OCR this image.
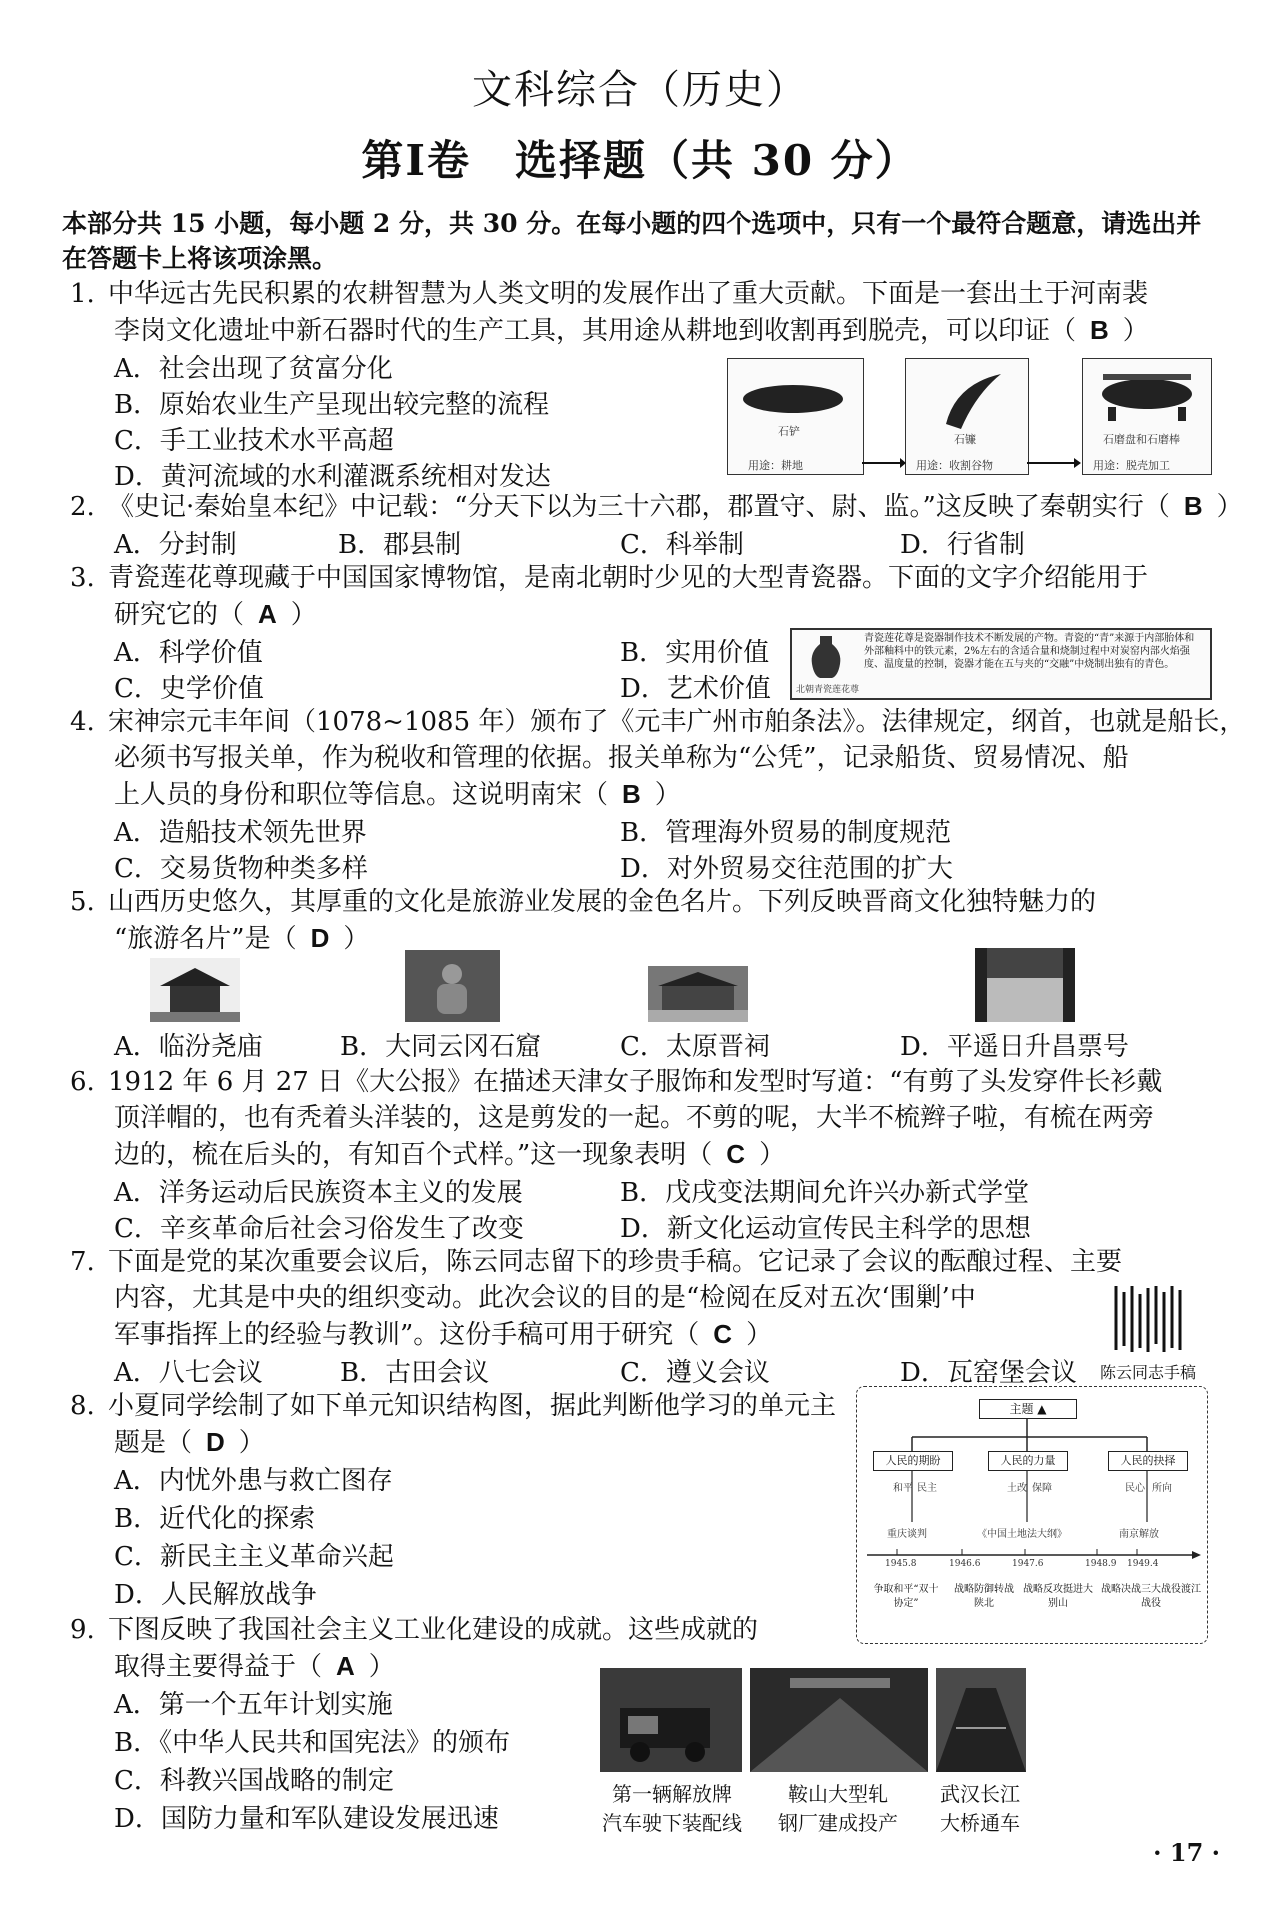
文科综合（历史）
第Ⅰ卷　选择题（共 30 分）
本部分共 15 小题，每小题 2 分，共 30 分。在每小题的四个选项中，只有一个最符合题意，请选出并在答题卡上将该项涂黑。
1. 中华远古先民积累的农耕智慧为人类文明的发展作出了重大贡献。下面是一套出土于河南裴
李岗文化遗址中新石器时代的生产工具，其用途从耕地到收割再到脱壳，可以印证（ B ）
A．社会出现了贫富分化
B．原始农业生产呈现出较完整的流程
C．手工业技术水平高超
D．黄河流域的水利灌溉系统相对发达
石铲
用途：耕地
石镰
用途：收割谷物
石磨盘和石磨棒
用途：脱壳加工
2. 《史记·秦始皇本纪》中记载：“分天下以为三十六郡，郡置守、尉、监。”这反映了秦朝实行（ B ）
A．分封制	B．郡县制	C．科举制	D．行省制
3. 青瓷莲花尊现藏于中国国家博物馆，是南北朝时少见的大型青瓷器。下面的文字介绍能用于
研究它的（ A ）
A．科学价值	B．实用价值
C．史学价值	D．艺术价值	北朝青瓷莲花尊
青瓷莲花尊是瓷器制作技术不断发展的产物。青瓷的“青”来源于内部胎体和外部釉料中的铁元素，2%左右的含适合量和烧制过程中对炭窑内部火焰强度、温度量的控制，瓷器才能在五与夹的“交融”中烧制出独有的青色。
4. 宋神宗元丰年间（1078~1085 年）颁布了《元丰广州市舶条法》。法律规定，纲首，也就是船长，
必须书写报关单，作为税收和管理的依据。报关单称为“公凭”，记录船货、贸易情况、船
上人员的身份和职位等信息。这说明南宋（ B ）
A．造船技术领先世界	B．管理海外贸易的制度规范
C．交易货物种类多样	D．对外贸易交往范围的扩大
5. 山西历史悠久，其厚重的文化是旅游业发展的金色名片。下列反映晋商文化独特魅力的
“旅游名片”是（ D ）
A．临汾尧庙	B．大同云冈石窟	C．太原晋祠	D．平遥日升昌票号
6. 1912 年 6 月 27 日《大公报》在描述天津女子服饰和发型时写道：“有剪了头发穿件长衫戴
顶洋帽的，也有秃着头洋装的，这是剪发的一起。不剪的呢，大半不梳辫子啦，有梳在两旁
边的，梳在后头的，有知百个式样。”这一现象表明（ C ）
A．洋务运动后民族资本主义的发展	B．戊戌变法期间允许兴办新式学堂
C．辛亥革命后社会习俗发生了改变	D．新文化运动宣传民主科学的思想
7. 下面是党的某次重要会议后，陈云同志留下的珍贵手稿。它记录了会议的酝酿过程、主要
内容，尤其是中央的组织变动。此次会议的目的是“检阅在反对五次‘围剿’中
军事指挥上的经验与教训”。这份手稿可用于研究（ C ）
A．八七会议	B．古田会议	C．遵义会议	D．瓦窑堡会议 陈云同志手稿
8. 小夏同学绘制了如下单元知识结构图，据此判断他学习的单元主
题是（ D ）
A．内忧外患与救亡图存
B．近代化的探索
C．新民主主义革命兴起
D．人民解放战争
主题 ▲
人民的期盼	人民的力量	人民的抉择
和平 民主	土改 保障	民心 所向
重庆谈判	《中国土地法大纲》	南京解放
1945.8	1946.6	1947.6	1948.9 1949.4
争取和平“双十协定”
战略防御转战陕北
战略反攻挺进大别山
战略决战三大战役渡江战役
9. 下图反映了我国社会主义工业化建设的成就。这些成就的
取得主要得益于（ A ）
A．第一个五年计划实施
B．《中华人民共和国宪法》的颁布
C．科教兴国战略的制定
D．国防力量和军队建设发展迅速
第一辆解放牌
汽车驶下装配线
鞍山大型轧
钢厂建成投产
武汉长江
大桥通车
· 17 ·
